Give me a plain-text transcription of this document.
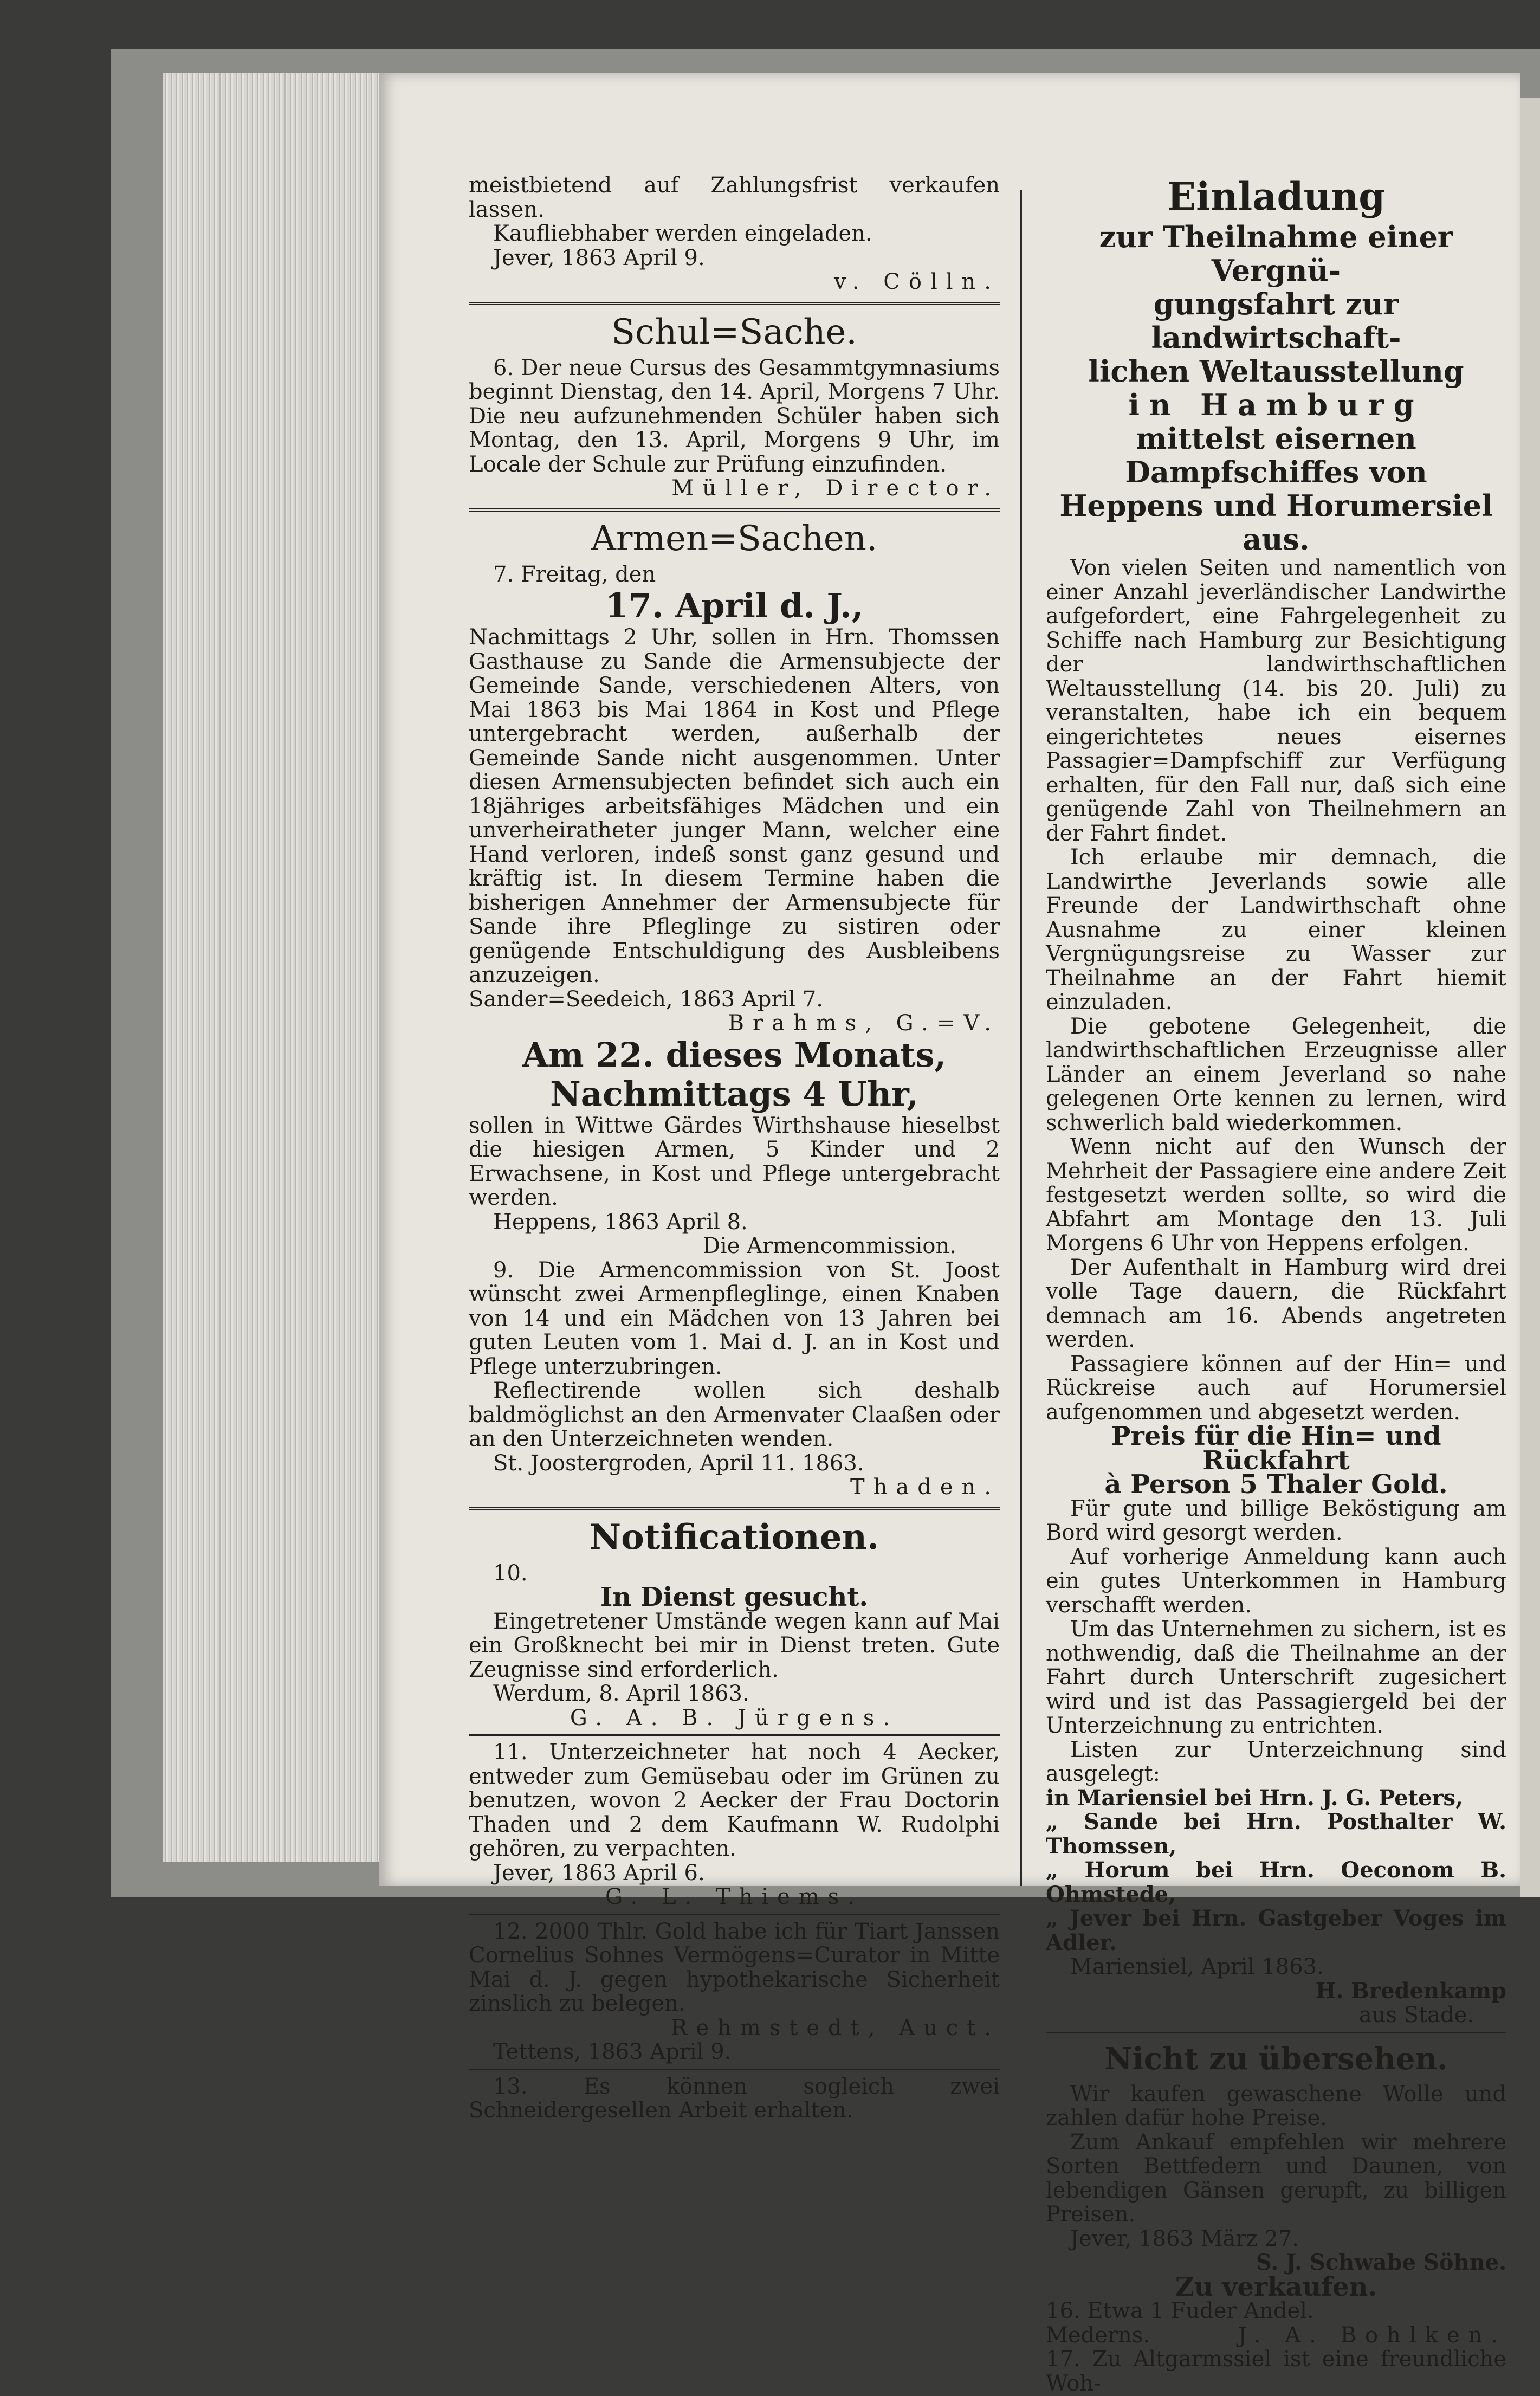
meistbietend auf Zahlungsfrist verkaufen lassen.

Kaufliebhaber werden eingeladen.

Jever, 1863 April 9.

v. Cölln.

Schul=Sache.

6. Der neue Cursus des Gesammtgymnasiums beginnt Dienstag, den 14. April, Morgens 7 Uhr. Die neu aufzunehmenden Schüler haben sich Montag, den 13. April, Morgens 9 Uhr, im Locale der Schule zur Prüfung einzufinden.

Müller, Director.

Armen=Sachen.

7. Freitag, den

17. April d. J.,

Nachmittags 2 Uhr, sollen in Hrn. Thomssen Gasthause zu Sande die Armensubjecte der Gemeinde Sande, verschiedenen Alters, von Mai 1863 bis Mai 1864 in Kost und Pflege untergebracht werden, außerhalb der Gemeinde Sande nicht ausgenommen. Unter diesen Armensubjecten befindet sich auch ein 18jähriges arbeitsfähiges Mädchen und ein unverheiratheter junger Mann, welcher eine Hand verloren, indeß sonst ganz gesund und kräftig ist. In diesem Termine haben die bisherigen Annehmer der Armensubjecte für Sande ihre Pfleglinge zu sistiren oder genügende Entschuldigung des Ausbleibens anzuzeigen.

Sander=Seedeich, 1863 April 7.

Brahms, G.=V.

Am 22. dieses Monats,

Nachmittags 4 Uhr,

sollen in Wittwe Gärdes Wirthshause hieselbst die hiesigen Armen, 5 Kinder und 2 Erwachsene, in Kost und Pflege untergebracht werden.

Heppens, 1863 April 8.

Die Armencommission.

9. Die Armencommission von St. Joost wünscht zwei Armenpfleglinge, einen Knaben von 14 und ein Mädchen von 13 Jahren bei guten Leuten vom 1. Mai d. J. an in Kost und Pflege unterzubringen.

Reflectirende wollen sich deshalb baldmöglichst an den Armenvater Claaßen oder an den Unterzeichneten wenden.

St. Joostergroden, April 11. 1863.

Thaden.

Notificationen.

10.

In Dienst gesucht.

Eingetretener Umstände wegen kann auf Mai ein Großknecht bei mir in Dienst treten. Gute Zeugnisse sind erforderlich.

Werdum, 8. April 1863.

G. A. B. Jürgens.

11. Unterzeichneter hat noch 4 Aecker, entweder zum Gemüsebau oder im Grünen zu benutzen, wovon 2 Aecker der Frau Doctorin Thaden und 2 dem Kaufmann W. Rudolphi gehören, zu verpachten.

Jever, 1863 April 6.

G. L. Thiems.

12. 2000 Thlr. Gold habe ich für Tiart Janssen Cornelius Sohnes Vermögens=Curator in Mitte Mai d. J. gegen hypothekarische Sicherheit zinslich zu belegen.

Rehmstedt, Auct.

Tettens, 1863 April 9.

13. Es können sogleich zwei Schneidergesellen Arbeit erhalten.

Einladung

zur Theilnahme einer Vergnü-

gungsfahrt zur landwirtschaft-

lichen Weltausstellung

in Hamburg

mittelst eisernen Dampfschiffes von

Heppens und Horumersiel aus.

Von vielen Seiten und namentlich von einer Anzahl jeverländischer Landwirthe aufgefordert, eine Fahrgelegenheit zu Schiffe nach Hamburg zur Besichtigung der landwirthschaftlichen Weltausstellung (14. bis 20. Juli) zu veranstalten, habe ich ein bequem eingerichtetes neues eisernes Passagier=Dampfschiff zur Verfügung erhalten, für den Fall nur, daß sich eine genügende Zahl von Theilnehmern an der Fahrt findet.

Ich erlaube mir demnach, die Landwirthe Jeverlands sowie alle Freunde der Landwirthschaft ohne Ausnahme zu einer kleinen Vergnügungsreise zu Wasser zur Theilnahme an der Fahrt hiemit einzuladen.

Die gebotene Gelegenheit, die landwirthschaftlichen Erzeugnisse aller Länder an einem Jeverland so nahe gelegenen Orte kennen zu lernen, wird schwerlich bald wiederkommen.

Wenn nicht auf den Wunsch der Mehrheit der Passagiere eine andere Zeit festgesetzt werden sollte, so wird die Abfahrt am Montage den 13. Juli Morgens 6 Uhr von Heppens erfolgen.

Der Aufenthalt in Hamburg wird drei volle Tage dauern, die Rückfahrt demnach am 16. Abends angetreten werden.

Passagiere können auf der Hin= und Rückreise auch auf Horumersiel aufgenommen und abgesetzt werden.

Preis für die Hin= und Rückfahrt

à Person 5 Thaler Gold.

Für gute und billige Beköstigung am Bord wird gesorgt werden.

Auf vorherige Anmeldung kann auch ein gutes Unterkommen in Hamburg verschafft werden.

Um das Unternehmen zu sichern, ist es nothwendig, daß die Theilnahme an der Fahrt durch Unterschrift zugesichert wird und ist das Passagiergeld bei der Unterzeichnung zu entrichten.

Listen zur Unterzeichnung sind ausgelegt:

in Mariensiel bei Hrn. J. G. Peters,

„ Sande bei Hrn. Posthalter W. Thomssen,

„ Horum bei Hrn. Oeconom B. Ohmstede,

„ Jever bei Hrn. Gastgeber Voges im Adler.

Mariensiel, April 1863.

H. Bredenkamp

aus Stade.

Nicht zu übersehen.

Wir kaufen gewaschene Wolle und zahlen dafür hohe Preise.

Zum Ankauf empfehlen wir mehrere Sorten Bettfedern und Daunen, von lebendigen Gänsen gerupft, zu billigen Preisen.

Jever, 1863 März 27.

S. J. Schwabe Söhne.

Zu verkaufen.

16. Etwa 1 Fuder Andel.

Mederns.	J. A. Bohlken.

17. Zu Altgarmssiel ist eine freundliche Woh-
